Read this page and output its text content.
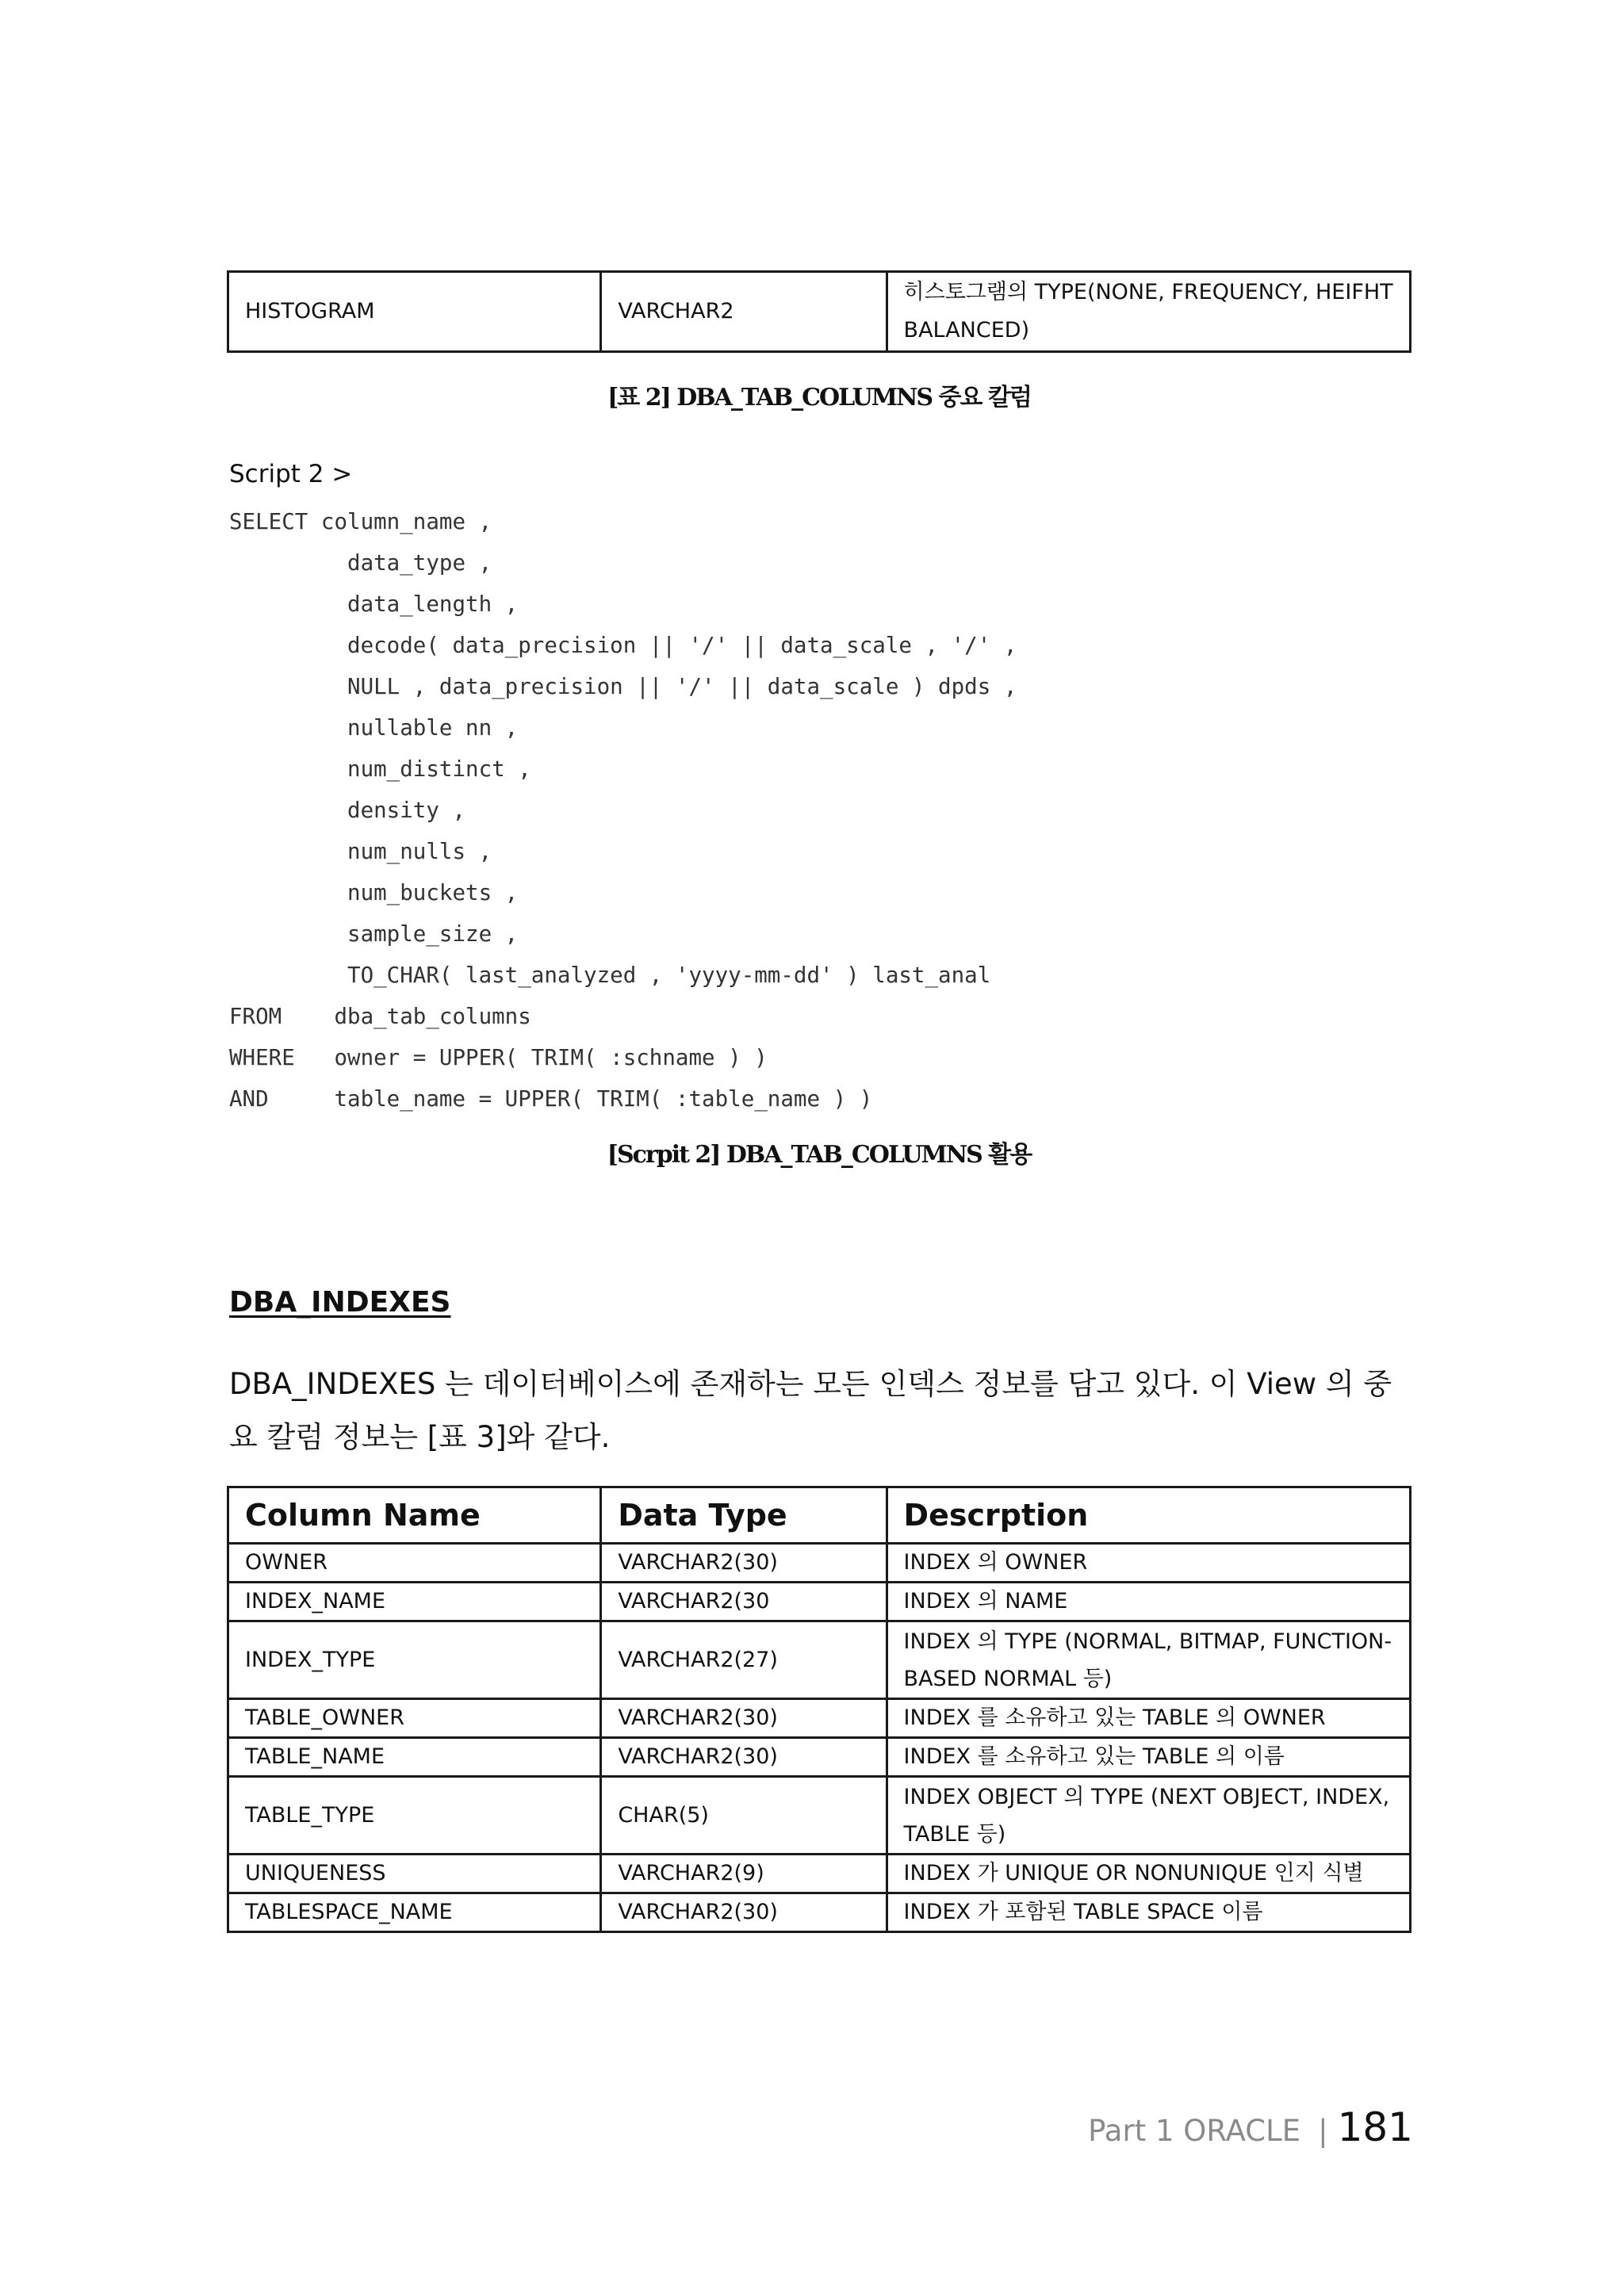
HISTOGRAM	VARCHAR2	히스토그램의 TYPE(NONE, FREQUENCY, HEIFHT BALANCED)
[표 2] DBA_TAB_COLUMNS 중요 칼럼
Script 2 >
SELECT column_name ,
data_type ,
data_length ,
decode( data_precision || '/' || data_scale , '/' ,
NULL , data_precision || '/' || data_scale ) dpds ,
nullable nn ,
num_distinct ,
density ,
num_nulls ,
num_buckets ,
sample_size ,
TO_CHAR( last_analyzed , 'yyyy-mm-dd' ) last_anal
FROM    dba_tab_columns
WHERE   owner = UPPER( TRIM( :schname ) )
AND     table_name = UPPER( TRIM( :table_name ) )
[Scrpit 2] DBA_TAB_COLUMNS 활용
DBA_INDEXES

DBA_INDEXES 는 데이터베이스에 존재하는 모든 인덱스 정보를 담고 있다. 이 View 의 중요 칼럼 정보는 [표 3]와 같다.

Column Name	Data Type	Descrption
OWNER	VARCHAR2(30)	INDEX 의 OWNER
INDEX_NAME	VARCHAR2(30	INDEX 의 NAME
INDEX_TYPE	VARCHAR2(27)	INDEX 의 TYPE (NORMAL, BITMAP, FUNCTION-BASED NORMAL 등)
TABLE_OWNER	VARCHAR2(30)	INDEX 를 소유하고 있는 TABLE 의 OWNER
TABLE_NAME	VARCHAR2(30)	INDEX 를 소유하고 있는 TABLE 의 이름
TABLE_TYPE	CHAR(5)	INDEX OBJECT 의 TYPE (NEXT OBJECT, INDEX, TABLE 등)
UNIQUENESS	VARCHAR2(9)	INDEX 가 UNIQUE OR NONUNIQUE 인지 식별
TABLESPACE_NAME	VARCHAR2(30)	INDEX 가 포함된 TABLE SPACE 이름
Part 1 ORACLE | 181
